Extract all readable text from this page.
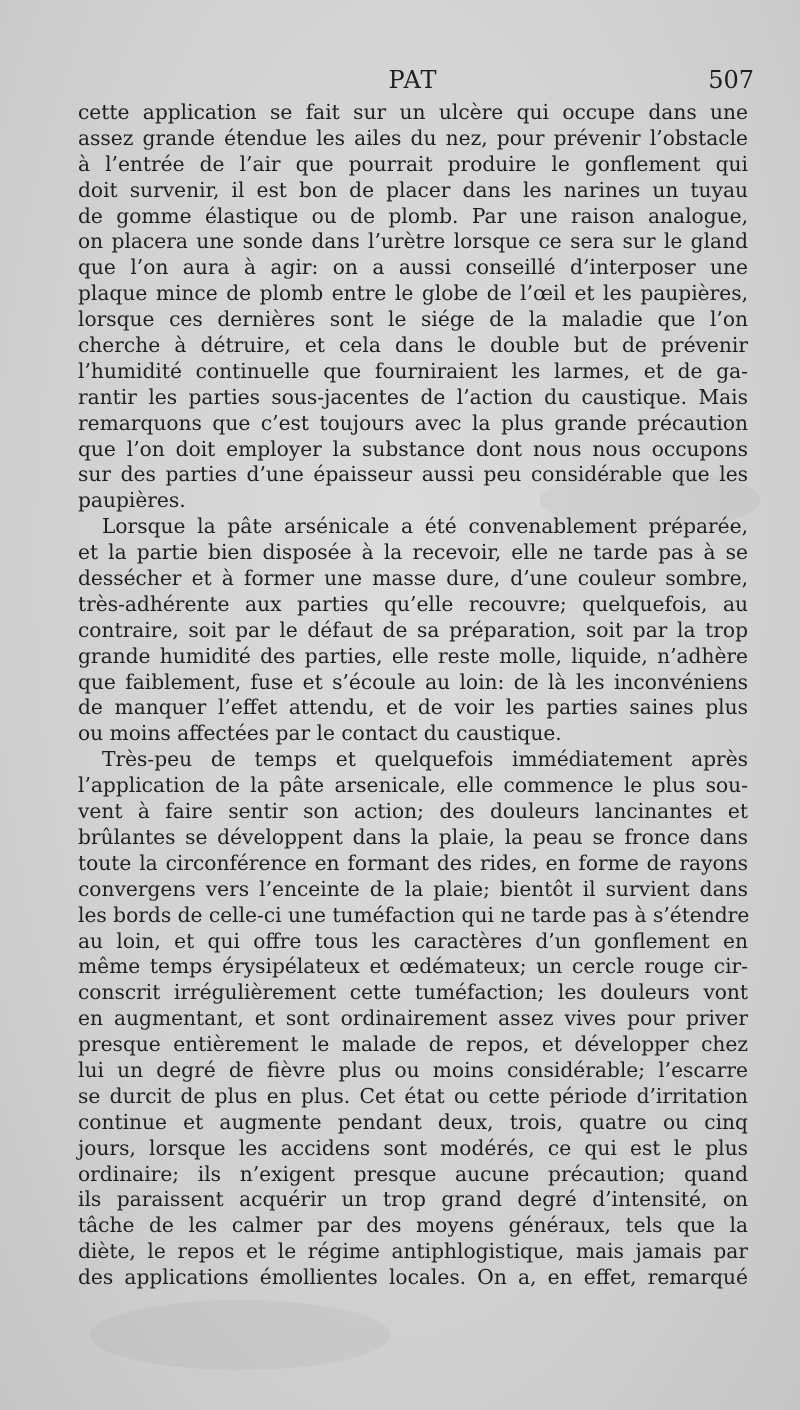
PAT	507
cette application se fait sur un ulcère qui occupe dans une
assez grande étendue les ailes du nez, pour prévenir l’obstacle
à l’entrée de l’air que pourrait produire le gonflement qui
doit survenir, il est bon de placer dans les narines un tuyau
de gomme élastique ou de plomb. Par une raison analogue,
on placera une sonde dans l’urètre lorsque ce sera sur le gland
que l’on aura à agir: on a aussi conseillé d’interposer une
plaque mince de plomb entre le globe de l’œil et les paupières,
lorsque ces dernières sont le siége de la maladie que l’on
cherche à détruire, et cela dans le double but de prévenir
l’humidité continuelle que fourniraient les larmes, et de ga-
rantir les parties sous-jacentes de l’action du caustique. Mais
remarquons que c’est toujours avec la plus grande précaution
que l’on doit employer la substance dont nous nous occupons
sur des parties d’une épaisseur aussi peu considérable que les
paupières.
Lorsque la pâte arsénicale a été convenablement préparée,
et la partie bien disposée à la recevoir, elle ne tarde pas à se
dessécher et à former une masse dure, d’une couleur sombre,
très-adhérente aux parties qu’elle recouvre; quelquefois, au
contraire, soit par le défaut de sa préparation, soit par la trop
grande humidité des parties, elle reste molle, liquide, n’adhère
que faiblement, fuse et s’écoule au loin: de là les inconvéniens
de manquer l’effet attendu, et de voir les parties saines plus
ou moins affectées par le contact du caustique.
Très-peu de temps et quelquefois immédiatement après
l’application de la pâte arsenicale, elle commence le plus sou-
vent à faire sentir son action; des douleurs lancinantes et
brûlantes se développent dans la plaie, la peau se fronce dans
toute la circonférence en formant des rides, en forme de rayons
convergens vers l’enceinte de la plaie; bientôt il survient dans
les bords de celle-ci une tuméfaction qui ne tarde pas à s’étendre
au loin, et qui offre tous les caractères d’un gonflement en
même temps érysipélateux et œdémateux; un cercle rouge cir-
conscrit irrégulièrement cette tuméfaction; les douleurs vont
en augmentant, et sont ordinairement assez vives pour priver
presque entièrement le malade de repos, et développer chez
lui un degré de fièvre plus ou moins considérable; l’escarre
se durcit de plus en plus. Cet état ou cette période d’irritation
continue et augmente pendant deux, trois, quatre ou cinq
jours, lorsque les accidens sont modérés, ce qui est le plus
ordinaire; ils n’exigent presque aucune précaution; quand
ils paraissent acquérir un trop grand degré d’intensité, on
tâche de les calmer par des moyens généraux, tels que la
diète, le repos et le régime antiphlogistique, mais jamais par
des applications émollientes locales. On a, en effet, remarqué
